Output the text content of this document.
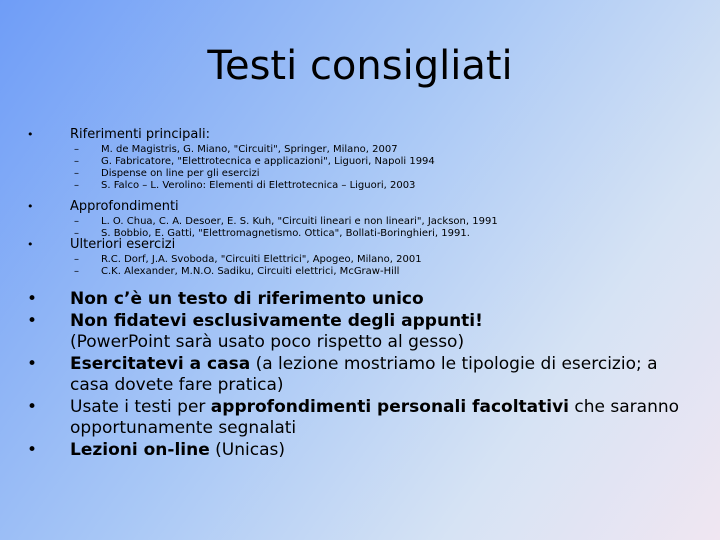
Testi consigliati
•	Riferimenti principali:
– M. de Magistris, G. Miano, "Circuiti", Springer, Milano, 2007
– G. Fabricatore, "Elettrotecnica e applicazioni", Liguori, Napoli 1994
– Dispense on line per gli esercizi
– S. Falco – L. Verolino: Elementi di Elettrotecnica – Liguori, 2003
•	Approfondimenti
– L. O. Chua, C. A. Desoer, E. S. Kuh, "Circuiti lineari e non lineari", Jackson, 1991
– S. Bobbio, E. Gatti, "Elettromagnetismo. Ottica", Bollati-Boringhieri, 1991.
•	Ulteriori esercizi
– R.C. Dorf, J.A. Svoboda, "Circuiti Elettrici", Apogeo, Milano, 2001
– C.K. Alexander, M.N.O. Sadiku, Circuiti elettrici, McGraw-Hill
• Non c’è un testo di riferimento unico
• Non fidatevi esclusivamente degli appunti!
(PowerPoint sarà usato poco rispetto al gesso)
• Esercitatevi a casa (a lezione mostriamo le tipologie di esercizio; a casa dovete fare pratica)
• Usate i testi per approfondimenti personali facoltativi che saranno opportunamente segnalati
• Lezioni on-line (Unicas)
